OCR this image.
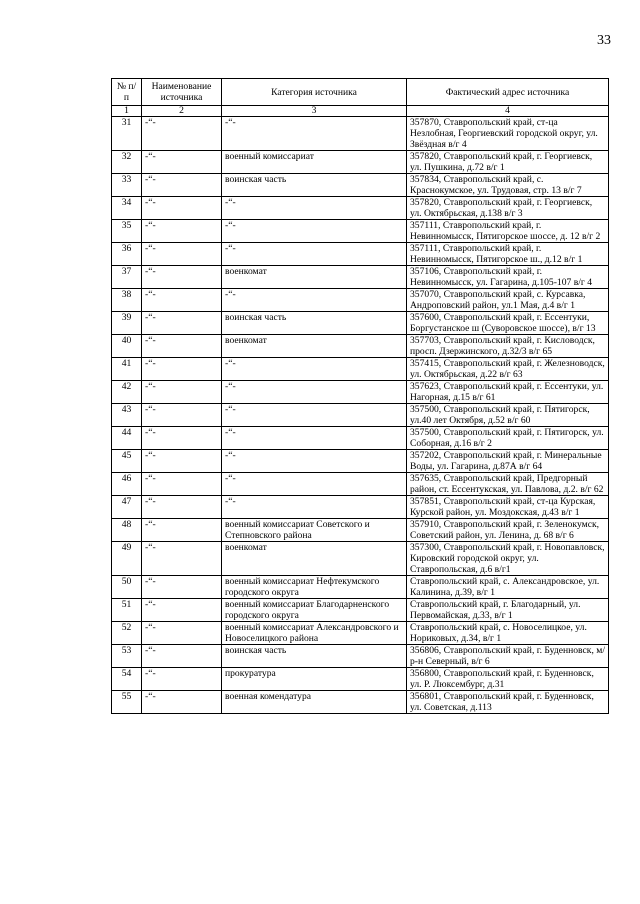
33
№ п/п	Наименование источника	Категория источника	Фактический адрес источника
1	2	3	4
31	-“-	-“-	357870, Ставропольский край, ст-ца Незлобная, Георгиевский городской округ, ул. Звёздная в/г 4
32	-“-	военный комиссариат	357820, Ставропольский край, г. Георгиевск, ул. Пушкина, д.72 в/г 1
33	-“-	воинская часть	357834, Ставропольский край, с. Краснокумское, ул. Трудовая, стр. 13 в/г 7
34	-“-	-“-	357820, Ставропольский край, г. Георгиевск, ул. Октябрьская, д.138 в/г 3
35	-“-	-“-	357111, Ставропольский край, г. Невинномысск, Пятигорское шоссе, д. 12 в/г 2
36	-“-	-“-	357111, Ставропольский край, г. Невинномысск, Пятигорское ш., д.12 в/г 1
37	-“-	военкомат	357106, Ставропольский край, г. Невинномысск, ул. Гагарина, д.105-107 в/г 4
38	-“-	-“-	357070, Ставропольский край, с. Курсавка, Андроповский район, ул.1 Мая, д.4 в/г 1
39	-“-	воинская часть	357600, Ставропольский край, г. Ессентуки, Боргустанское ш (Суворовское шоссе), в/г 13
40	-“-	военкомат	357703, Ставропольский край, г. Кисловодск, просп. Дзержинского, д.32/3 в/г 65
41	-“-	-“-	357415, Ставропольский край, г. Железноводск, ул. Октябрьская, д.22 в/г 63
42	-“-	-“-	357623, Ставропольский край, г. Ессентуки, ул. Нагорная, д.15 в/г 61
43	-“-	-“-	357500, Ставропольский край, г. Пятигорск, ул.40 лет Октября, д.52 в/г 60
44	-“-	-“-	357500, Ставропольский край, г. Пятигорск, ул. Соборная, д.16 в/г 2
45	-“-	-“-	357202, Ставропольский край, г. Минеральные Воды, ул. Гагарина, д.87А в/г 64
46	-“-	-“-	357635, Ставропольский край, Предгорный район, ст. Ессентукская, ул. Павлова, д.2. в/г 62
47	-“-	-“-	357851, Ставропольский край, ст-ца Курская, Курской район, ул. Моздокская, д.43 в/г 1
48	-“-	военный комиссариат Советского и Степновского района	357910, Ставропольский край, г. Зеленокумск, Советский район, ул. Ленина, д. 68 в/г 6
49	-“-	военкомат	357300, Ставропольский край, г. Новопавловск, Кировский городской округ, ул. Ставропольская, д.6 в/г1
50	-“-	военный комиссариат Нефтекумского городского округа	Ставропольский край, с. Александровское, ул. Калинина, д.39, в/г 1
51	-“-	военный комиссариат Благодарненского городского округа	Ставропольский край, г. Благодарный, ул. Первомайская, д.33, в/г 1
52	-“-	военный комиссариат Александровского и Новоселицкого района	Ставропольский край, с. Новоселицкое, ул. Нориковых, д.34, в/г 1
53	-“-	воинская часть	356806, Ставропольский край, г. Буденновск, м/р-н Северный, в/г 6
54	-“-	прокуратура	356800, Ставропольский край, г. Буденновск, ул. Р. Люксембург, д.31
55	-“-	военная комендатура	356801, Ставропольский край, г. Буденновск, ул. Советская, д.113
